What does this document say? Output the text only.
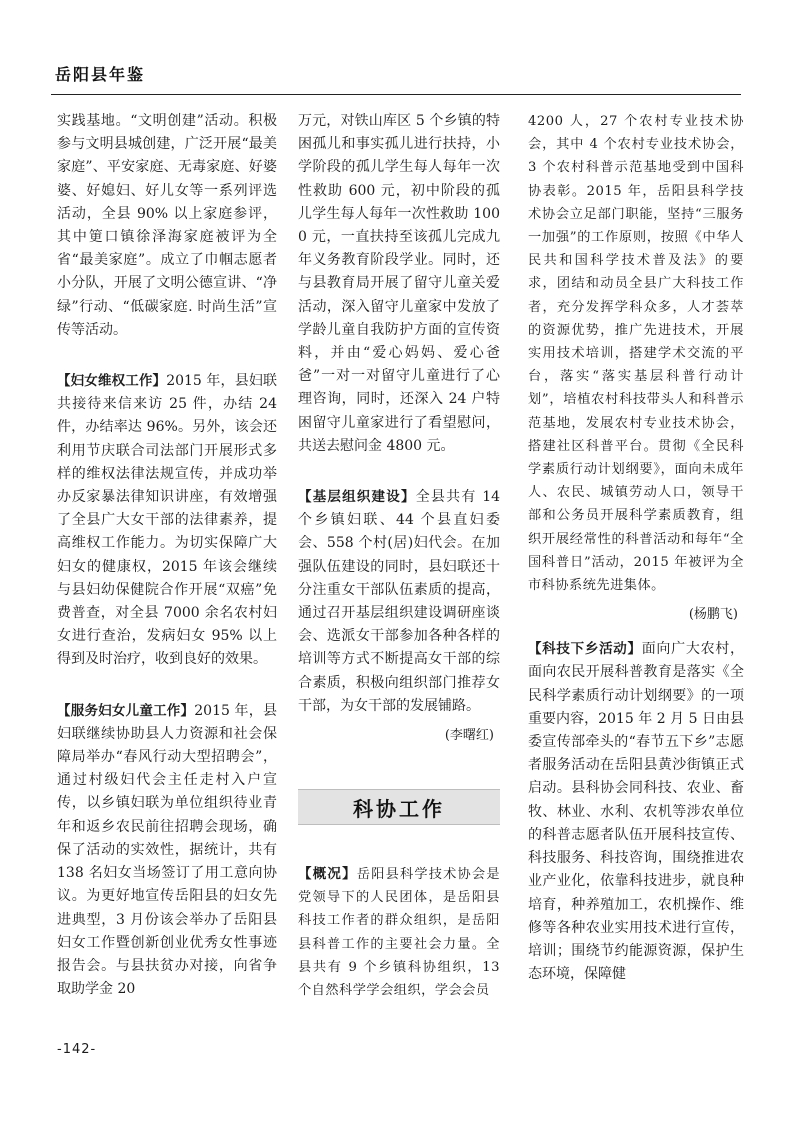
岳阳县年鉴

实践基地。“文明创建”活动。积极参与文明县城创建，广泛开展“最美家庭”、平安家庭、无毒家庭、好婆婆、好媳妇、好儿女等一系列评选活动，全县 90% 以上家庭参评，其中筻口镇徐泽海家庭被评为全省“最美家庭”。成立了巾帼志愿者小分队，开展了文明公德宣讲、“净绿”行动、“低碳家庭. 时尚生活”宣传等活动。

【妇女维权工作】2015 年，县妇联共接待来信来访 25 件，办结 24 件，办结率达 96%。另外，该会还利用节庆联合司法部门开展形式多样的维权法律法规宣传，并成功举办反家暴法律知识讲座，有效增强了全县广大女干部的法律素养，提高维权工作能力。为切实保障广大妇女的健康权，2015 年该会继续与县妇幼保健院合作开展“双癌”免费普查，对全县 7000 余名农村妇女进行查治，发病妇女 95% 以上得到及时治疗，收到良好的效果。

【服务妇女儿童工作】2015 年，县妇联继续协助县人力资源和社会保障局举办“春风行动大型招聘会”，通过村级妇代会主任走村入户宣传，以乡镇妇联为单位组织待业青年和返乡农民前往招聘会现场，确保了活动的实效性，据统计，共有 138 名妇女当场签订了用工意向协议。为更好地宣传岳阳县的妇女先进典型，3 月份该会举办了岳阳县妇女工作暨创新创业优秀女性事迹报告会。与县扶贫办对接，向省争取助学金 20

万元，对铁山库区 5 个乡镇的特困孤儿和事实孤儿进行扶持，小学阶段的孤儿学生每人每年一次性救助 600 元，初中阶段的孤儿学生每人每年一次性救助 1000 元，一直扶持至该孤儿完成九年义务教育阶段学业。同时，还与县教育局开展了留守儿童关爱活动，深入留守儿童家中发放了学龄儿童自我防护方面的宣传资料，并由“爱心妈妈、爱心爸爸”一对一对留守儿童进行了心理咨询，同时，还深入 24 户特困留守儿童家进行了看望慰问，共送去慰问金 4800 元。

【基层组织建设】全县共有 14 个乡镇妇联、44 个县直妇委会、558 个村(居)妇代会。在加强队伍建设的同时，县妇联还十分注重女干部队伍素质的提高，通过召开基层组织建设调研座谈会、选派女干部参加各种各样的培训等方式不断提高女干部的综合素质，积极向组织部门推荐女干部，为女干部的发展铺路。

(李曙红)
科协工作

【概况】岳阳县科学技术协会是党领导下的人民团体，是岳阳县科技工作者的群众组织，是岳阳县科普工作的主要社会力量。全县共有 9 个乡镇科协组织，13 个自然科学学会组织，学会会员

4200 人，27 个农村专业技术协会，其中 4 个农村专业技术协会，3 个农村科普示范基地受到中国科协表彰。2015 年，岳阳县科学技术协会立足部门职能，坚持“三服务一加强”的工作原则，按照《中华人民共和国科学技术普及法》的要求，团结和动员全县广大科技工作者，充分发挥学科众多，人才荟萃的资源优势，推广先进技术，开展实用技术培训，搭建学术交流的平台，落实“落实基层科普行动计划”，培植农村科技带头人和科普示范基地，发展农村专业技术协会，搭建社区科普平台。贯彻《全民科学素质行动计划纲要》，面向未成年人、农民、城镇劳动人口，领导干部和公务员开展科学素质教育，组织开展经常性的科普活动和每年“全国科普日”活动，2015 年被评为全市科协系统先进集体。

(杨鹏飞)

【科技下乡活动】面向广大农村，面向农民开展科普教育是落实《全民科学素质行动计划纲要》的一项重要内容，2015 年 2 月 5 日由县委宣传部牵头的“春节五下乡”志愿者服务活动在岳阳县黄沙街镇正式启动。县科协会同科技、农业、畜牧、林业、水利、农机等涉农单位的科普志愿者队伍开展科技宣传、科技服务、科技咨询，围绕推进农业产业化，依靠科技进步，就良种培育，种养殖加工，农机操作、维修等各种农业实用技术进行宣传，培训；围绕节约能源资源，保护生态环境，保障健

-142-
